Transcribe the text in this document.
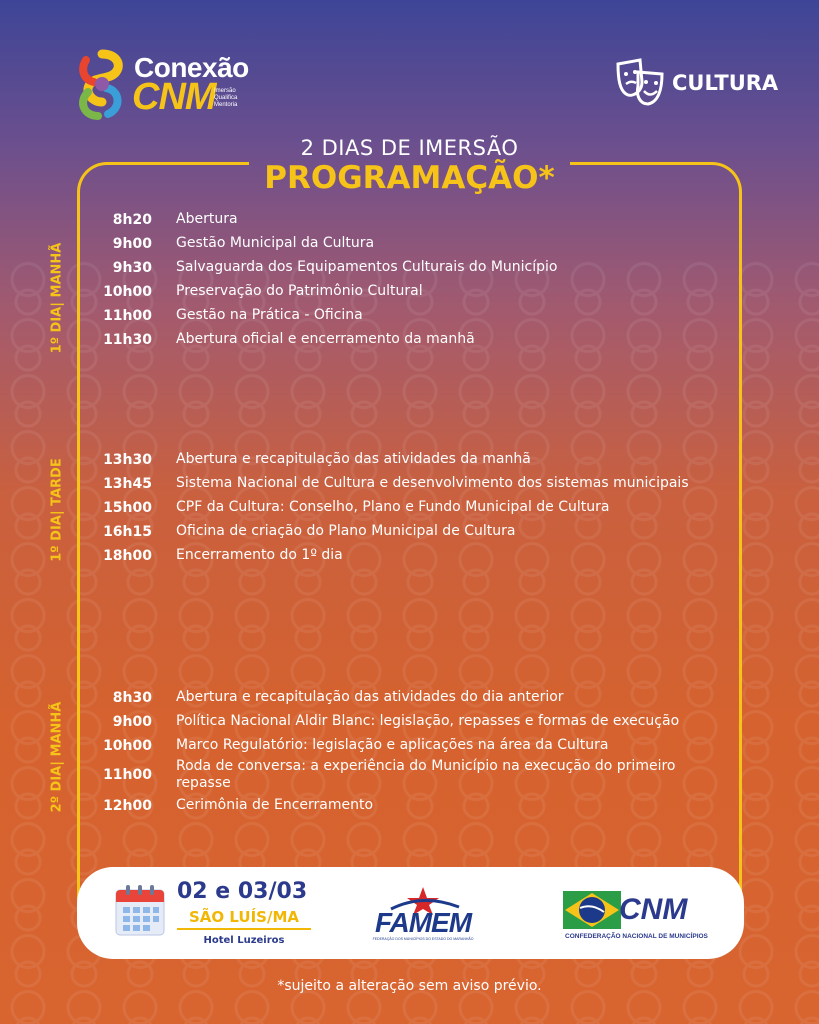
Conexão
CNM
Imersão
Qualifica
Mentoria
CULTURA
2 DIAS DE IMERSÃO
PROGRAMAÇÃO*
1º DIA| MANHÃ
1º DIA| TARDE
2º DIA| MANHÃ
8h20 Abertura
9h00 Gestão Municipal da Cultura
9h30 Salvaguarda dos Equipamentos Culturais do Município
10h00 Preservação do Patrimônio Cultural
11h00 Gestão na Prática - Oficina
11h30 Abertura oficial e encerramento da manhã
13h30 Abertura e recapitulação das atividades da manhã
13h45 Sistema Nacional de Cultura e desenvolvimento dos sistemas municipais
15h00 CPF da Cultura: Conselho, Plano e Fundo Municipal de Cultura
16h15 Oficina de criação do Plano Municipal de Cultura
18h00 Encerramento do 1º dia
8h30 Abertura e recapitulação das atividades do dia anterior
9h00 Política Nacional Aldir Blanc: legislação, repasses e formas de execução
10h00 Marco Regulatório: legislação e aplicações na área da Cultura
11h00
Roda de conversa: a experiência do Município na execução do primeiro repasse
12h00 Cerimônia de Encerramento
02 e 03/03
SÃO LUÍS/MA
Hotel Luzeiros
FAMEM
FEDERAÇÃO DOS MUNICÍPIOS DO ESTADO DO MARANHÃO
CNM
CONFEDERAÇÃO NACIONAL DE MUNICÍPIOS
*sujeito a alteração sem aviso prévio.
